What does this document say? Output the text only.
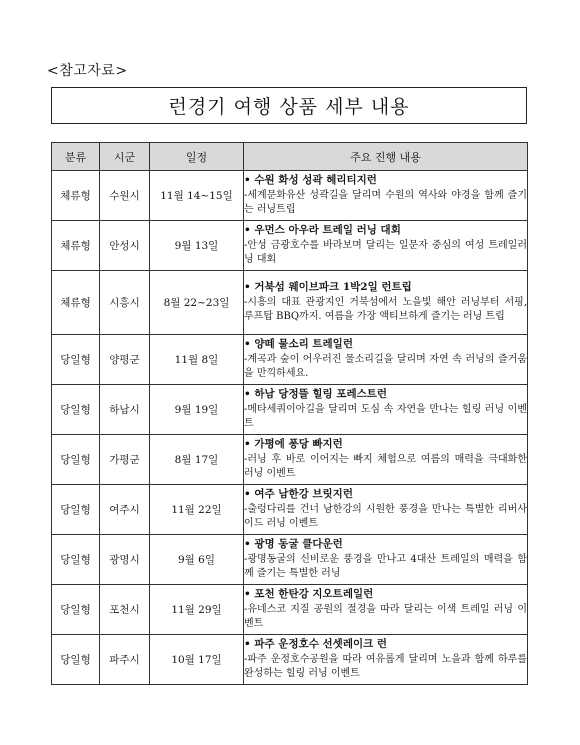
<참고자료>
런경기 여행 상품 세부 내용
분류	시군	일정	주요 진행 내용
체류형	수원시	11월 14~15일	• 수원 화성 성곽 헤리티지런
-세계문화유산 성곽길을 달리며 수원의 역사와 야경을 함께 즐기는 러닝트립

체류형	안성시	9월 13일	• 우먼스 아우라 트레일 러닝 대회
-안성 금광호수를 바라보며 달리는 일문자 중심의 여성 트레일러닝 대회

체류형	시흥시	8월 22~23일	• 거북섬 웨이브파크 1박2일 런트립
-시흥의 대표 관광지인 거북섬에서 노을빛 해안 러닝부터 서핑, 루프탑 BBQ까지. 여름을 가장 액티브하게 즐기는 러닝 트립

당일형	양평군	11월 8일	• 양떼 물소리 트레일런
-계곡과 숲이 어우러진 물소리길을 달리며 자연 속 러닝의 즐거움을 만끽하세요.

당일형	하남시	9월 19일	• 하남 당정뜰 힐링 포레스트런
-메타세쿼이아길을 달리며 도심 속 자연을 만나는 힐링 러닝 이벤트

당일형	가평군	8월 17일	• 가평에 퐁당 빠지런
-러닝 후 바로 이어지는 빠지 체험으로 여름의 매력을 극대화한 러닝 이벤트

당일형	여주시	11월 22일	• 여주 남한강 브릿지런
-출렁다리를 건너 남한강의 시원한 풍경을 만나는 특별한 리버사이드 러닝 이벤트

당일형	광명시	9월 6일	• 광명 동굴 클다운런
-광명동굴의 신비로운 풍경을 만나고 4대산 트레일의 매력을 함께 즐기는 특별한 러닝

당일형	포천시	11월 29일	• 포천 한탄강 지오트레일런
-유네스코 지질 공원의 절경을 따라 달리는 이색 트레일 러닝 이벤트

당일형	파주시	10월 17일	• 파주 운정호수 선셋레이크 런
-파주 운정호수공원을 따라 여유롭게 달리며 노을과 함께 하루를 완성하는 힐링 러닝 이벤트
